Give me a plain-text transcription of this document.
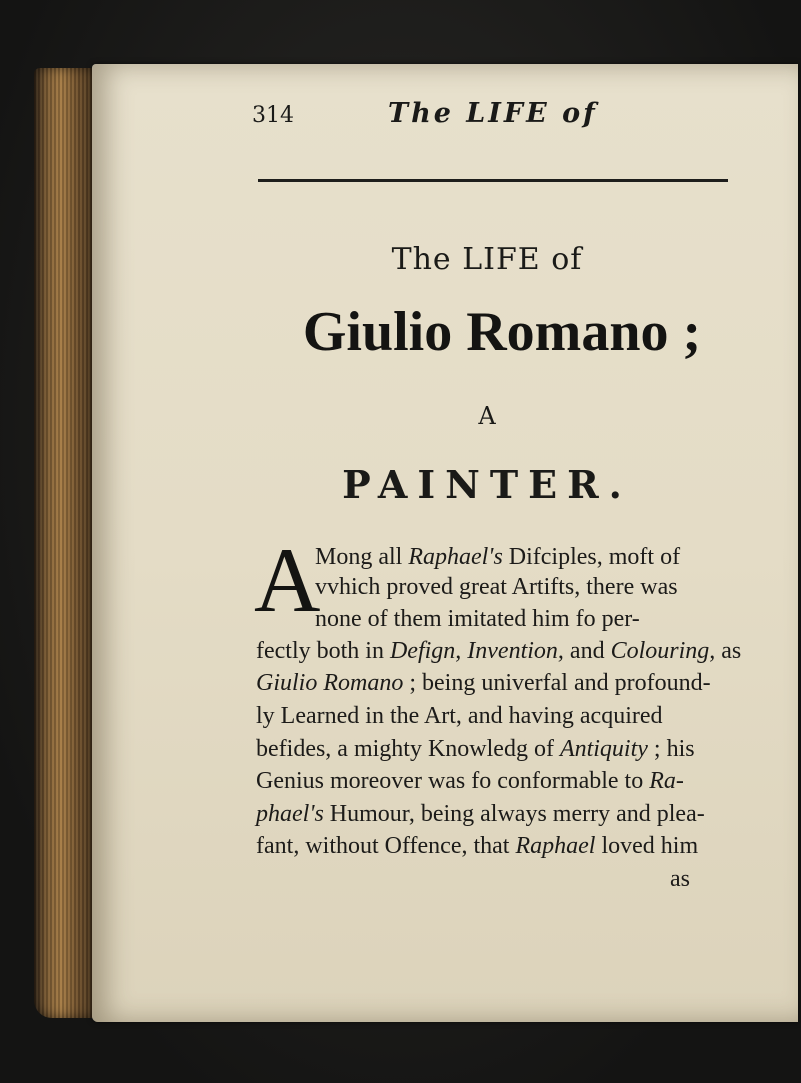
314	The LIFE of
The LIFE of
Giulio Romano ;
A
PAINTER.
A
Mong all Raphael's Difciples, moft of
vvhich proved great Artifts, there was
none of them imitated him fo per-
fectly both in Defign, Invention, and Colouring, as
Giulio Romano ; being univerfal and profound-
ly Learned in the Art, and having acquired
befides, a mighty Knowledg of Antiquity ; his
Genius moreover was fo conformable to Ra-
phael's Humour, being always merry and plea-
fant, without Offence, that Raphael loved him
as
